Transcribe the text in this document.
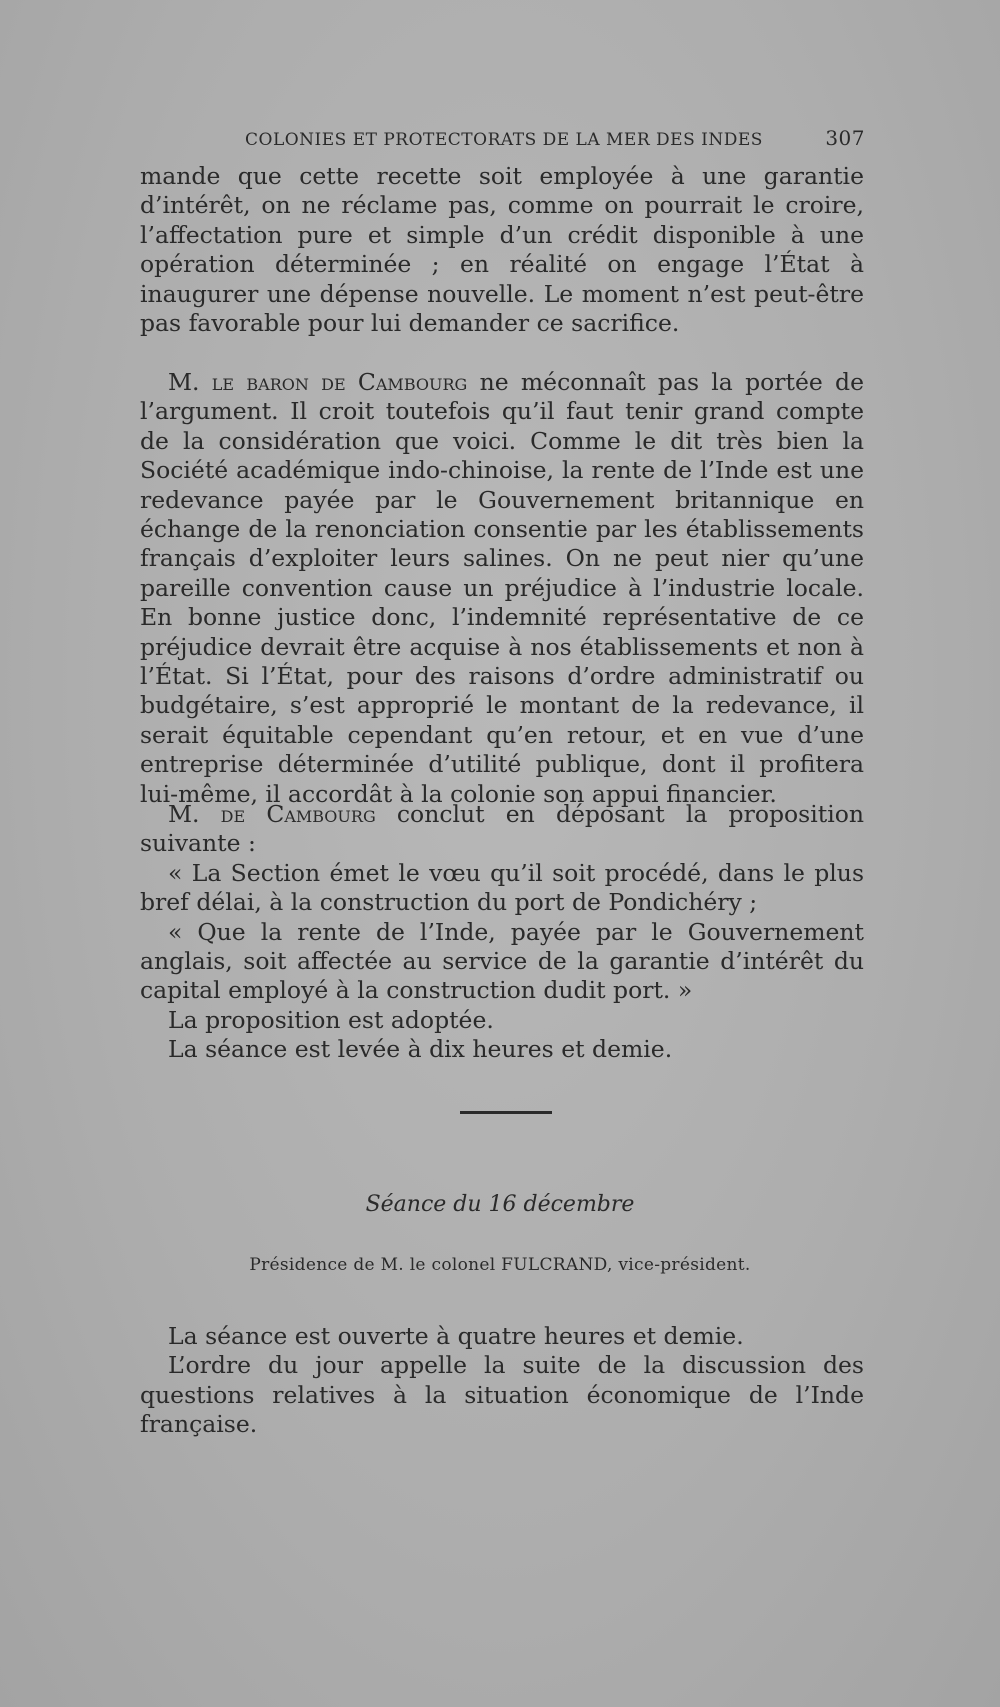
COLONIES ET PROTECTORATS DE LA MER DES INDES	307

mande que cette recette soit employée à une garantie d’intérêt, on ne réclame pas, comme on pourrait le croire, l’affectation pure et simple d’un crédit disponible à une opération déterminée ; en réalité on engage l’État à inaugurer une dépense nouvelle. Le moment n’est peut-être pas favorable pour lui demander ce sacrifice.

M. le baron de Cambourg ne méconnaît pas la portée de l’argument. Il croit toutefois qu’il faut tenir grand compte de la considération que voici. Comme le dit très bien la Société académique indo-chinoise, la rente de l’Inde est une redevance payée par le Gouvernement britannique en échange de la renonciation consentie par les établissements français d’exploiter leurs salines. On ne peut nier qu’une pareille convention cause un préjudice à l’industrie locale. En bonne justice donc, l’indemnité représentative de ce préjudice devrait être acquise à nos établissements et non à l’État. Si l’État, pour des raisons d’ordre administratif ou budgétaire, s’est approprié le montant de la redevance, il serait équitable cependant qu’en retour, et en vue d’une entreprise déterminée d’utilité publique, dont il profitera lui-même, il accordât à la colonie son appui financier.

M. de Cambourg conclut en déposant la proposition suivante :

« La Section émet le vœu qu’il soit procédé, dans le plus bref délai, à la construction du port de Pondichéry ;

« Que la rente de l’Inde, payée par le Gouvernement anglais, soit affectée au service de la garantie d’intérêt du capital employé à la construction dudit port. »

La proposition est adoptée.

La séance est levée à dix heures et demie.

Séance du 16 décembre
Présidence de M. le colonel FULCRAND, vice-président.

La séance est ouverte à quatre heures et demie.

L’ordre du jour appelle la suite de la discussion des questions relatives à la situation économique de l’Inde française.
